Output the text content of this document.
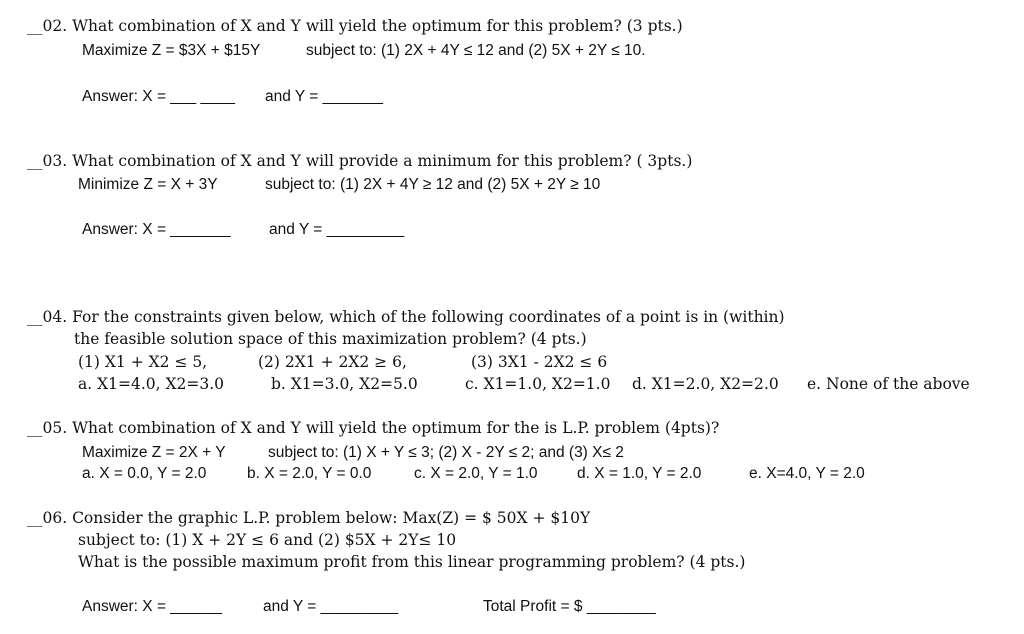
__02. What combination of X and Y will yield the optimum for this problem? (3 pts.)
Maximize Z = $3X + $15Y	subject to: (1) 2X + 4Y ≤ 12 and (2) 5X + 2Y ≤ 10.
Answer: X = ___ ____ and Y = _______
__03. What combination of X and Y will provide a minimum for this problem? ( 3pts.)
Minimize Z = X + 3Y	subject to: (1) 2X + 4Y ≥ 12 and (2) 5X + 2Y ≥ 10
Answer: X = _______ and Y = _________
__04. For the constraints given below, which of the following coordinates of a point is in (within)
the feasible solution space of this maximization problem? (4 pts.)
(1) X1 + X2 ≤ 5,	(2) 2X1 + 2X2 ≥ 6,	(3) 3X1 - 2X2 ≤ 6
a. X1=4.0, X2=3.0	b. X1=3.0, X2=5.0	c. X1=1.0, X2=1.0 d. X1=2.0, X2=2.0 e. None of the above
__05. What combination of X and Y will yield the optimum for the is L.P. problem (4pts)?
Maximize Z = 2X + Y	subject to: (1) X + Y ≤ 3; (2) X - 2Y ≤ 2; and (3) X≤ 2
a. X = 0.0, Y = 2.0	b. X = 2.0, Y = 0.0	c. X = 2.0, Y = 1.0	d. X = 1.0, Y = 2.0	e. X=4.0, Y = 2.0
__06. Consider the graphic L.P. problem below: Max(Z) = $ 50X + $10Y
subject to: (1) X + 2Y ≤ 6 and (2) $5X + 2Y≤ 10
What is the possible maximum profit from this linear programming problem? (4 pts.)
Answer: X = ______	and Y = _________	Total Profit = $ ________
